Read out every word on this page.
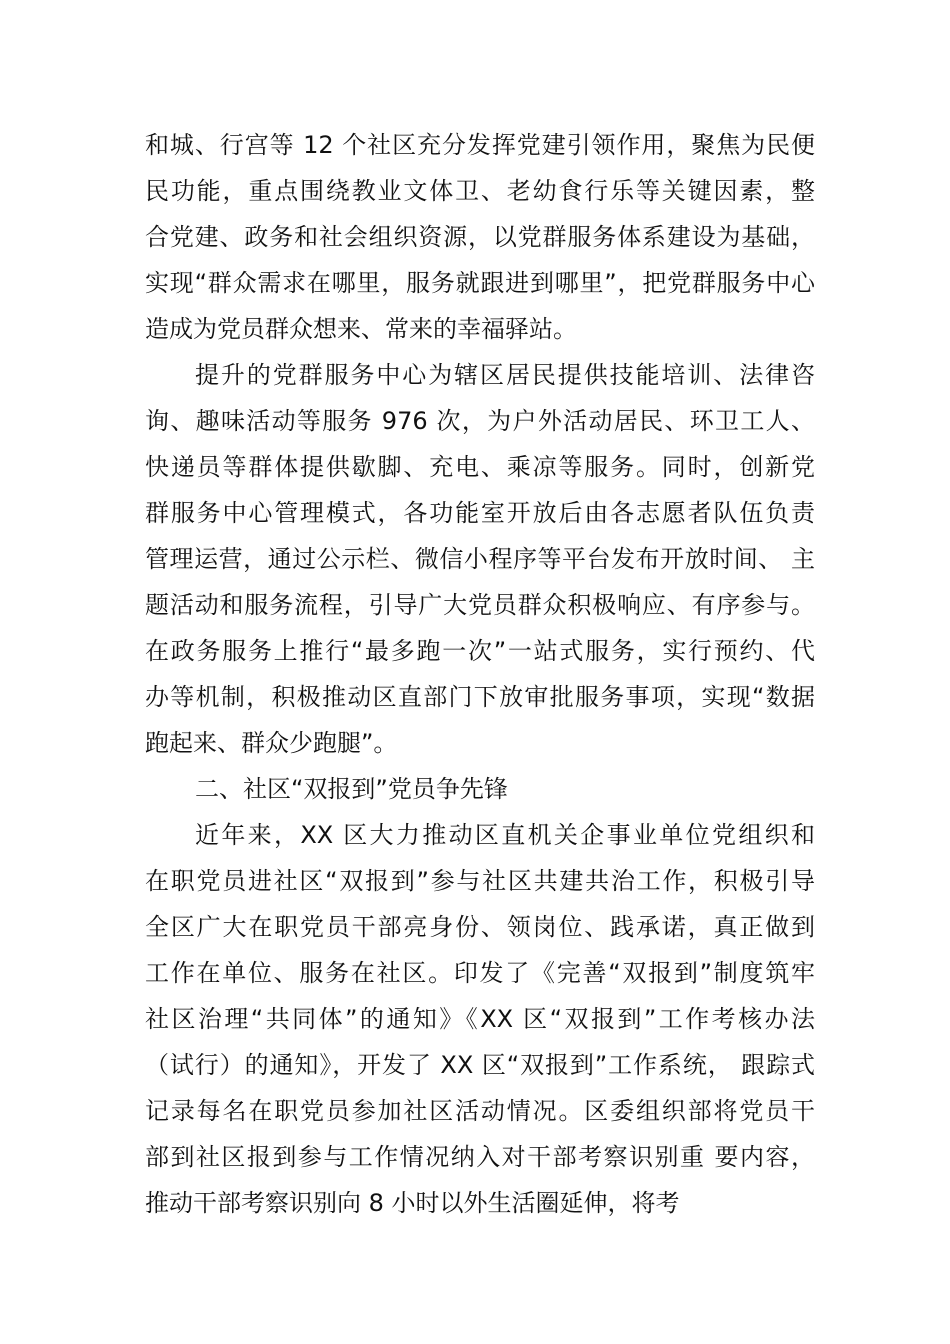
和城、行宫等 12 个社区充分发挥党建引领作用，聚焦为民便
民功能，重点围绕教业文体卫、老幼食行乐等关键因素，整
合党建、政务和社会组织资源，以党群服务体系建设为基础，
实现“群众需求在哪里，服务就跟进到哪里”，把党群服务中心
造成为党员群众想来、常来的幸福驿站。
提升的党群服务中心为辖区居民提供技能培训、法律咨
询、趣味活动等服务 976 次，为户外活动居民、环卫工人、
快递员等群体提供歇脚、充电、乘凉等服务。同时，创新党
群服务中心管理模式，各功能室开放后由各志愿者队伍负责
管理运营，通过公示栏、微信小程序等平台发布开放时间、 主
题活动和服务流程，引导广大党员群众积极响应、有序参与。
在政务服务上推行“最多跑一次”一站式服务，实行预约、代
办等机制，积极推动区直部门下放审批服务事项，实现“数据
跑起来、群众少跑腿”。
二、社区“双报到”党员争先锋
近年来，XX 区大力推动区直机关企事业单位党组织和
在职党员进社区“双报到”参与社区共建共治工作，积极引导
全区广大在职党员干部亮身份、领岗位、践承诺，真正做到
工作在单位、服务在社区。印发了《完善“双报到”制度筑牢
社区治理“共同体”的通知》《XX 区“双报到”工作考核办法
（试行）的通知》，开发了 XX 区“双报到”工作系统， 跟踪式
记录每名在职党员参加社区活动情况。区委组织部将党员干
部到社区报到参与工作情况纳入对干部考察识别重 要内容，
推动干部考察识别向 8 小时以外生活圈延伸，将考
